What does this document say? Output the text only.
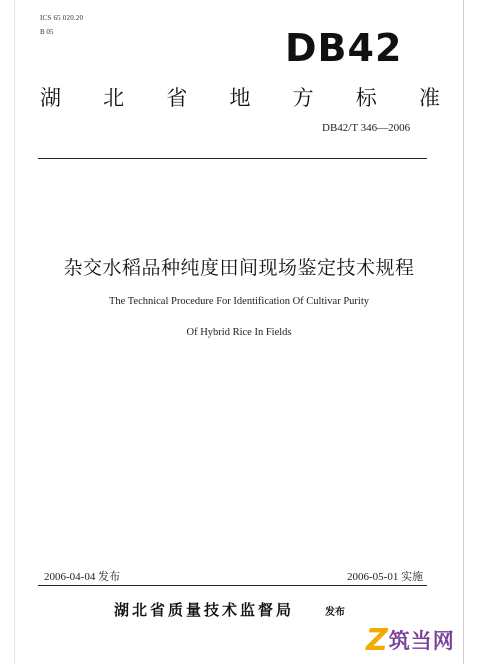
ICS 65 020.20
B 05	DB42
湖 北 省 地 方 标 准
DB42/T 346—2006
杂交水稻品种纯度田间现场鉴定技术规程
The Technical Procedure For Identification Of Cultivar Purity
Of Hybrid Rice In Fields
2006-04-04 发布	2006-05-01 实施
湖北省质量技术监督局	发布
Z 筑当网
